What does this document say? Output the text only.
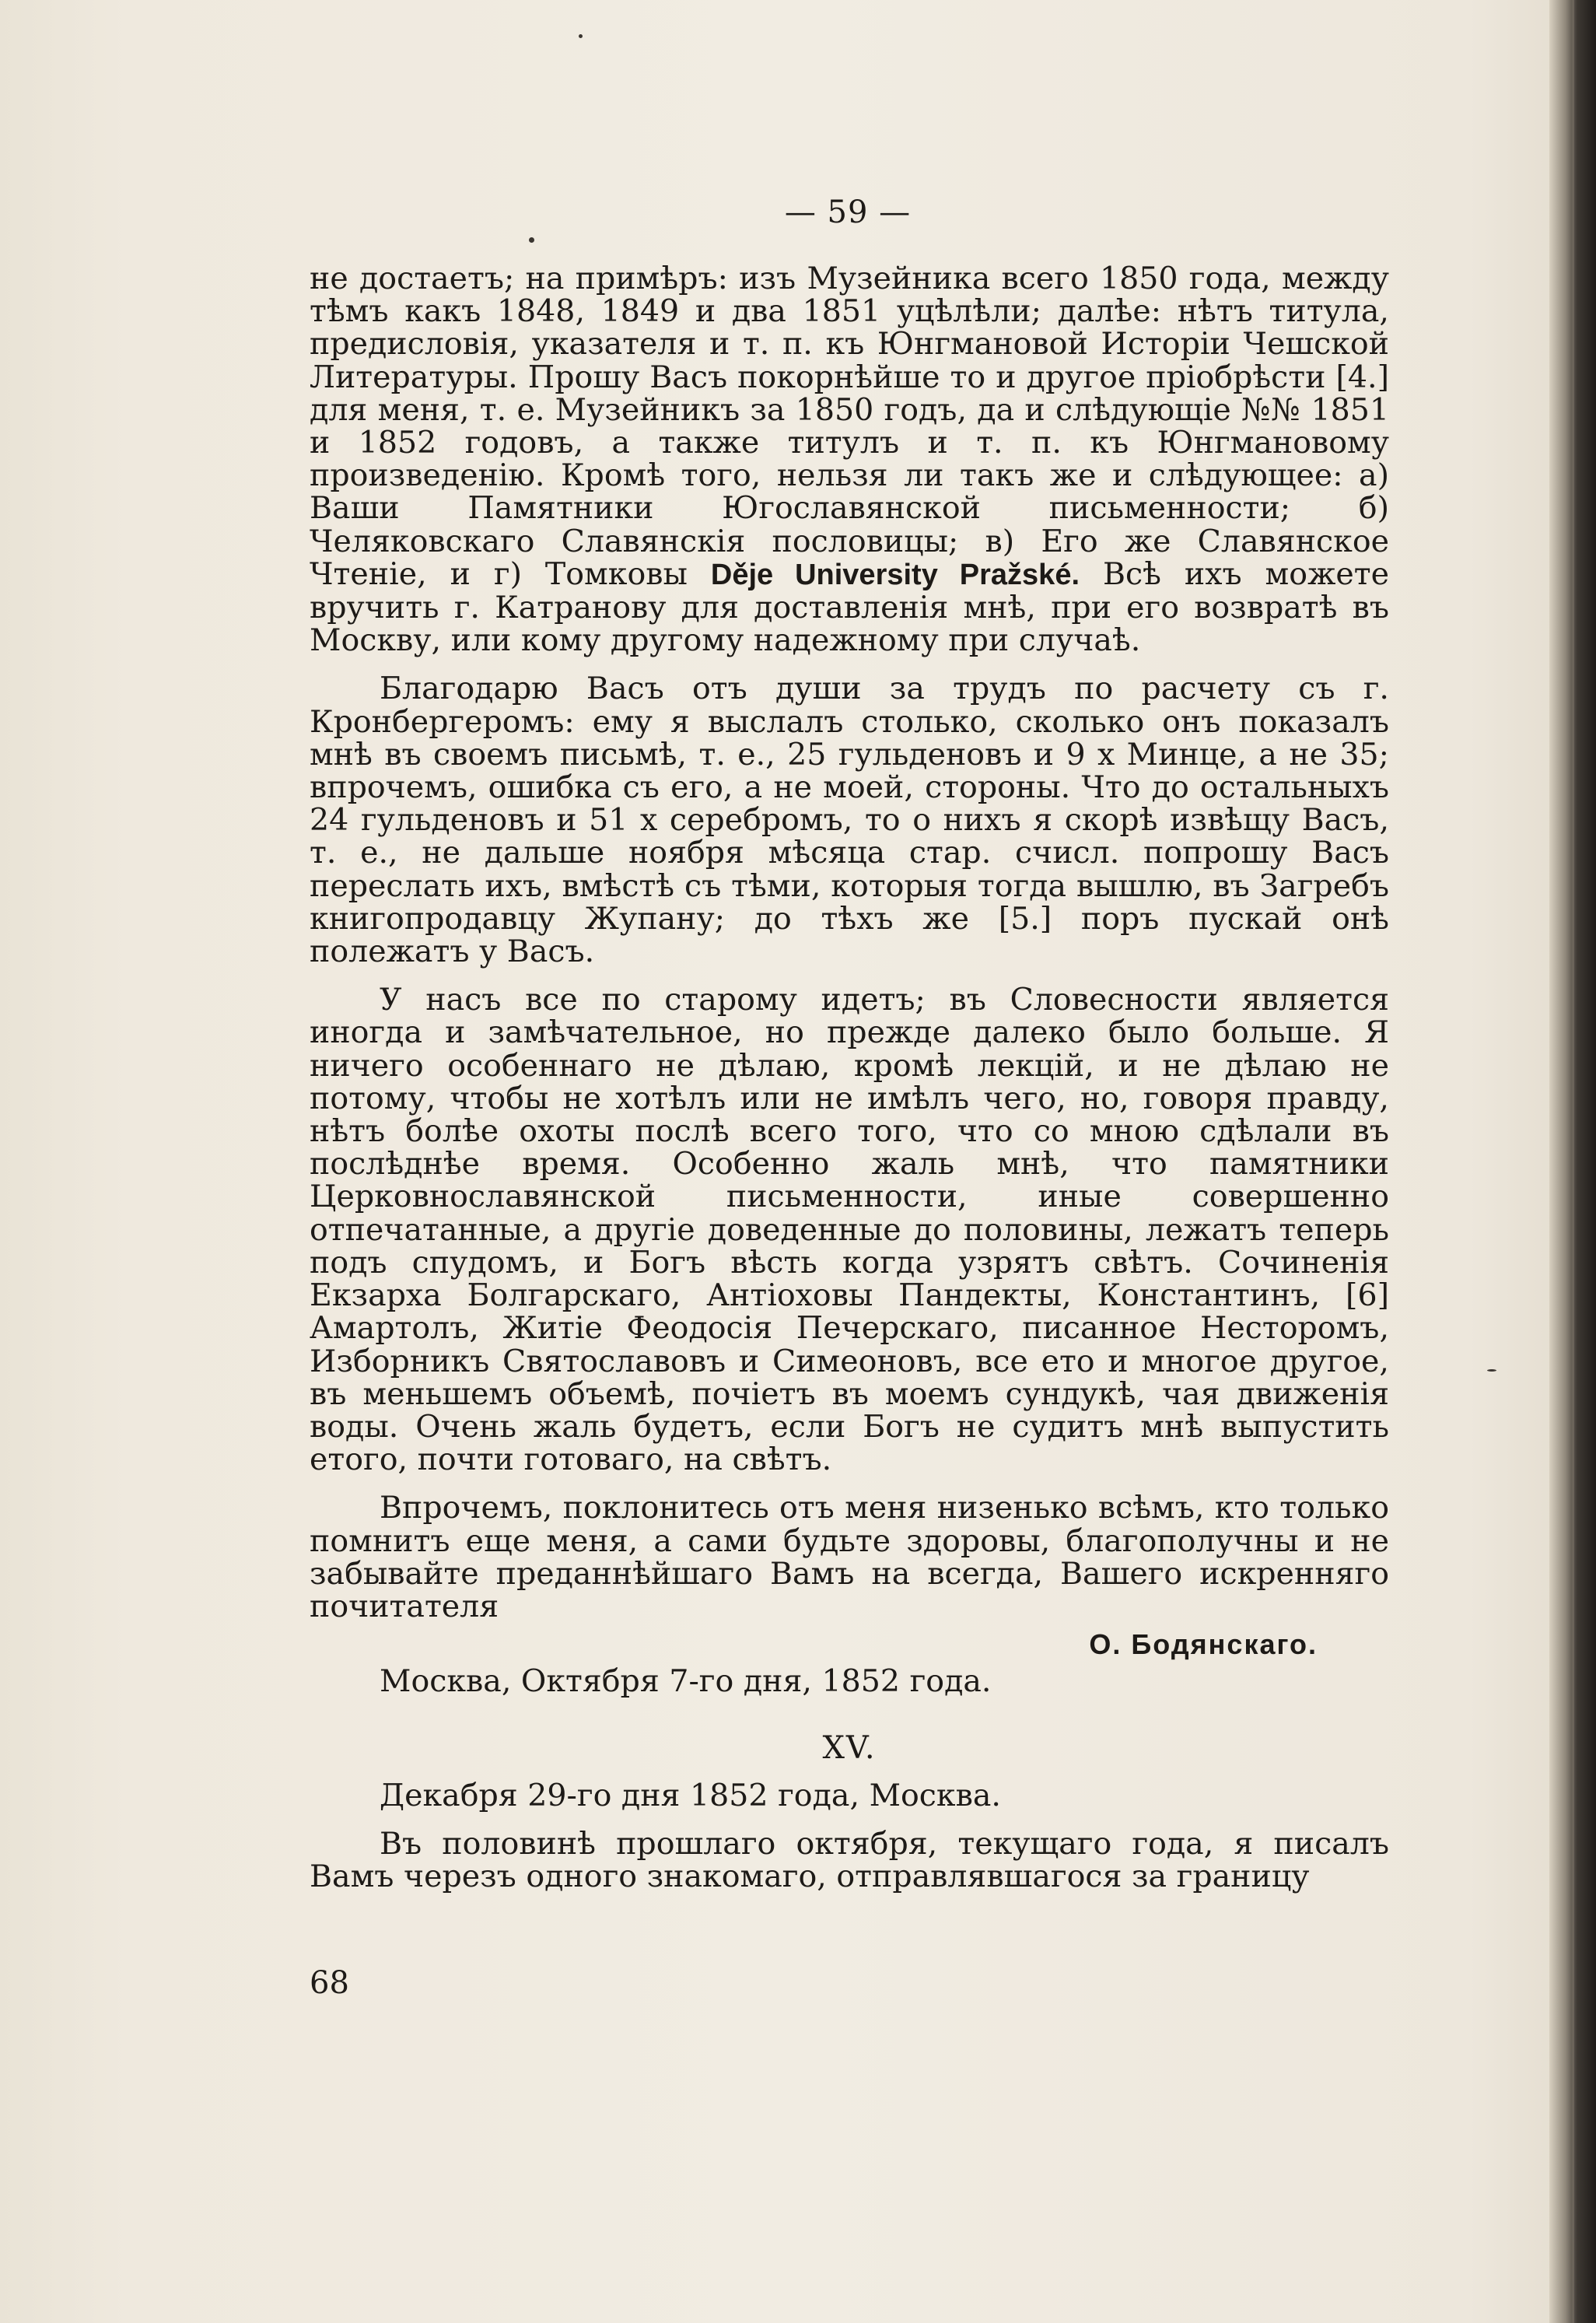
— 59 —

не достаетъ; на примѣръ: изъ Музейника всего 1850 года, между тѣмъ какъ 1848, 1849 и два 1851 уцѣлѣли; далѣе: нѣтъ титула, предисловія, указателя и т. п. къ Юнгмановой Исторіи Чешской Литературы. Прошу Васъ покорнѣйше то и другое пріобрѣсти [4.] для меня, т. е. Музейникъ за 1850 годъ, да и слѣдующіе №№ 1851 и 1852 годовъ, а также титулъ и т. п. къ Юнгмановому произведенію. Кромѣ того, нельзя ли такъ же и слѣдующее: а) Ваши Памятники Югославянской письменности; б) Челяковскаго Славянскія пословицы; в) Его же Славянское Чтеніе, и г) Томковы Děje University Pražské. Всѣ ихъ можете вручить г. Катранову для доставленія мнѣ, при его возвратѣ въ Москву, или кому другому надежному при случаѣ.

Благодарю Васъ отъ души за трудъ по расчету съ г. Кронбергеромъ: ему я выслалъ столько, сколько онъ показалъ мнѣ въ своемъ письмѣ, т. е., 25 гульденовъ и 9 х Минце, а не 35; впрочемъ, ошибка съ его, а не моей, стороны. Что до остальныхъ 24 гульденовъ и 51 х серебромъ, то о нихъ я скорѣ извѣщу Васъ, т. е., не дальше ноября мѣсяца стар. счисл. попрошу Васъ переслать ихъ, вмѣстѣ съ тѣми, которыя тогда вышлю, въ Загребъ книгопродавцу Жупану; до тѣхъ же [5.] поръ пускай онѣ полежатъ у Васъ.

У насъ все по старому идетъ; въ Словесности является иногда и замѣчательное, но прежде далеко было больше. Я ничего особеннаго не дѣлаю, кромѣ лекцій, и не дѣлаю не потому, чтобы не хотѣлъ или не имѣлъ чего, но, говоря правду, нѣтъ болѣе охоты послѣ всего того, что со мною сдѣлали въ послѣднѣе время. Особенно жаль мнѣ, что памятники Церковнославянской письменности, иные совершенно отпечатанные, а другіе доведенные до половины, лежатъ теперь подъ спудомъ, и Богъ вѣсть когда узрятъ свѣтъ. Сочиненія Екзарха Болгарскаго, Антіоховы Пандекты, Константинъ, [6] Амартолъ, Житіе Феодосія Печерскаго, писанное Несторомъ, Изборникъ Святославовъ и Симеоновъ, все ето и многое другое, въ меньшемъ объемѣ, почіетъ въ моемъ сундукѣ, чая движенія воды. Очень жаль будетъ, если Богъ не судитъ мнѣ выпустить етого, почти готоваго, на свѣтъ.

Впрочемъ, поклонитесь отъ меня низенько всѣмъ, кто только помнитъ еще меня, а сами будьте здоровы, благополучны и не забывайте преданнѣйшаго Вамъ на всегда, Вашего искренняго почитателя

О. Бодянскаго.
Москва, Октября 7-го дня, 1852 года.
XV.
Декабря 29-го дня 1852 года, Москва.

Въ половинѣ прошлаго октября, текущаго года, я писалъ Вамъ черезъ одного знакомаго, отправлявшагося за границу

68
